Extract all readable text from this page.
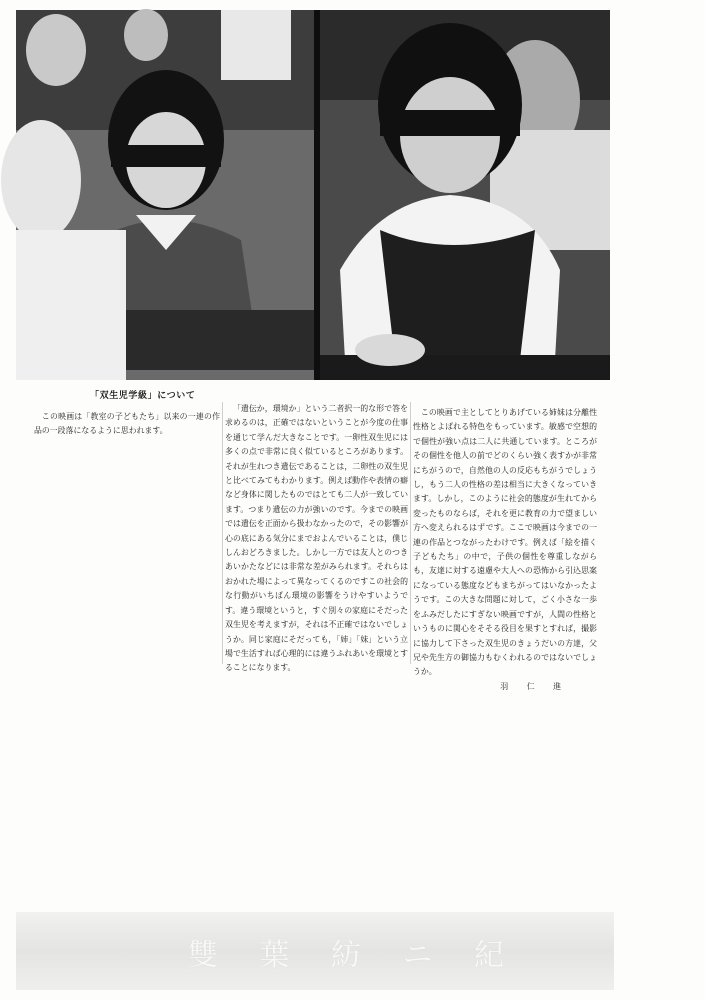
「双生児学級」について

この映画は「教室の子どもたち」以来の一連の作品の一段落になるように思われます。

「遺伝か，環境か」という二者択一的な形で答を求めるのは，正確ではないということが今度の仕事を通じて学んだ大きなことです。一卵性双生児には多くの点で非常に良く似ているところがあります。それが生れつき遺伝であることは，二卵性の双生児と比べてみてもわかります。例えば動作や表情の癖など身体に関したものではとても二人が一致しています。つまり遺伝の力が強いのです。今までの映画では遺伝を正面から扱わなかったので，その影響が心の底にある気分にまでおよんでいることは，僕じしんおどろきました。しかし一方では友人とのつきあいかたなどには非常な差がみられます。それらはおかれた場によって異なってくるのですこの社会的な行動がいちばん環境の影響をうけやすいようです。違う環境というと，すぐ別々の家庭にそだった双生児を考えますが，それは不正確ではないでしょうか。同じ家庭にそだっても，「姉」「妹」という立場で生活すれば心理的には違うふれあいを環境とすることになります。

この映画で主としてとりあげている姉妹は分離性性格とよばれる特色をもっています。敏感で空想的で個性が強い点は二人に共通しています。ところがその個性を他人の前でどのくらい強く表すかが非常にちがうので，自然他の人の反応もちがうでしょうし，もう二人の性格の差は相当に大きくなっていきます。しかし，このように社会的態度が生れてから変ったものならば，それを更に教育の力で望ましい方へ変えられるはずです。ここで映画は今までの一連の作品とつながったわけです。例えば「絵を描く子どもたち」の中で，子供の個性を尊重しながらも，友達に対する遠慮や大人への恐怖から引込思案になっている態度などもまちがってはいなかったようです。この大きな問題に対して，ごく小さな一歩をふみだしたにすぎない映画ですが，人間の性格というものに関心をそそる役目を果すとすれば，撮影に協力して下さった双生児のきょうだいの方達，父兄や先生方の御協力もむくわれるのではないでしょうか。

羽 仁 進
雙 葉 紡 ニ 紀
